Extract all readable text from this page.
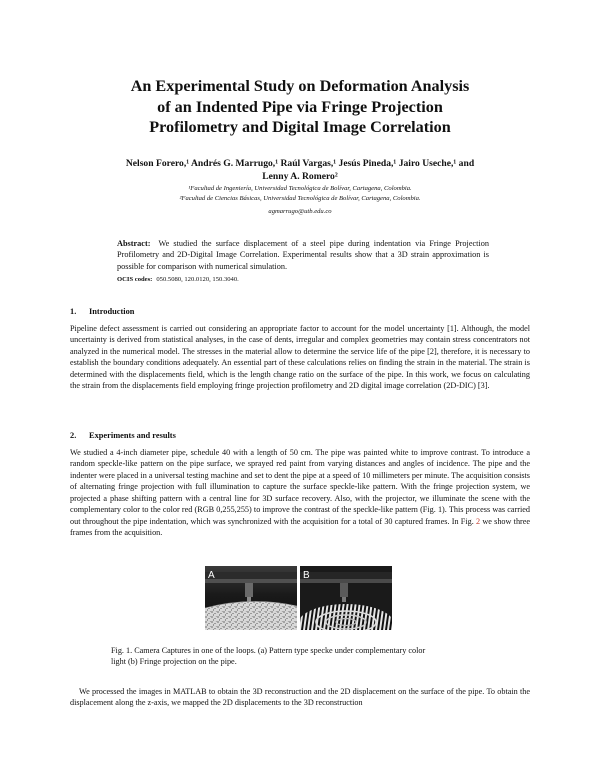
An Experimental Study on Deformation Analysis
of an Indented Pipe via Fringe Projection
Profilometry and Digital Image Correlation
Nelson Forero,¹ Andrés G. Marrugo,¹ Raúl Vargas,¹ Jesús Pineda,¹ Jairo Useche,¹ and
Lenny A. Romero²
¹Facultad de Ingeniería, Universidad Tecnológica de Bolívar, Cartagena, Colombia.
²Facultad de Ciencias Básicas, Universidad Tecnológica de Bolívar, Cartagena, Colombia.
agmarrugo@utb.edu.co
Abstract: We studied the surface displacement of a steel pipe during indentation via Fringe Projection Profilometry and 2D-Digital Image Correlation. Experimental results show that a 3D strain approximation is possible for comparison with numerical simulation.
OCIS codes: 050.5080, 120.0120, 150.3040.
1. Introduction
Pipeline defect assessment is carried out considering an appropriate factor to account for the model uncertainty [1]. Although, the model uncertainty is derived from statistical analyses, in the case of dents, irregular and complex geometries may contain stress concentrators not analyzed in the numerical model. The stresses in the material allow to determine the service life of the pipe [2], therefore, it is necessary to establish the boundary conditions adequately. An essential part of these calculations relies on finding the strain in the material. The strain is determined with the displacements field, which is the length change ratio on the surface of the pipe. In this work, we focus on calculating the strain from the displacements field employing fringe projection profilometry and 2D digital image correlation (2D-DIC) [3].
2. Experiments and results
We studied a 4-inch diameter pipe, schedule 40 with a length of 50 cm. The pipe was painted white to improve contrast. To introduce a random speckle-like pattern on the pipe surface, we sprayed red paint from varying distances and angles of incidence. The pipe and the indenter were placed in a universal testing machine and set to dent the pipe at a speed of 10 millimeters per minute. The acquisition consists of alternating fringe projection with full illumination to capture the surface speckle-like pattern. With the fringe projection system, we projected a phase shifting pattern with a central line for 3D surface recovery. Also, with the projector, we illuminate the scene with the complementary color to the color red (RGB 0,255,255) to improve the contrast of the speckle-like pattern (Fig. 1). This process was carried out throughout the pipe indentation, which was synchronized with the acquisition for a total of 30 captured frames. In Fig. 2 we show three frames from the acquisition.
A	B
Fig. 1. Camera Captures in one of the loops. (a) Pattern type specke under complementary color
light (b) Fringe projection on the pipe.
We processed the images in MATLAB to obtain the 3D reconstruction and the 2D displacement on the surface of the pipe. To obtain the displacement along the z-axis, we mapped the 2D displacements to the 3D reconstruction
